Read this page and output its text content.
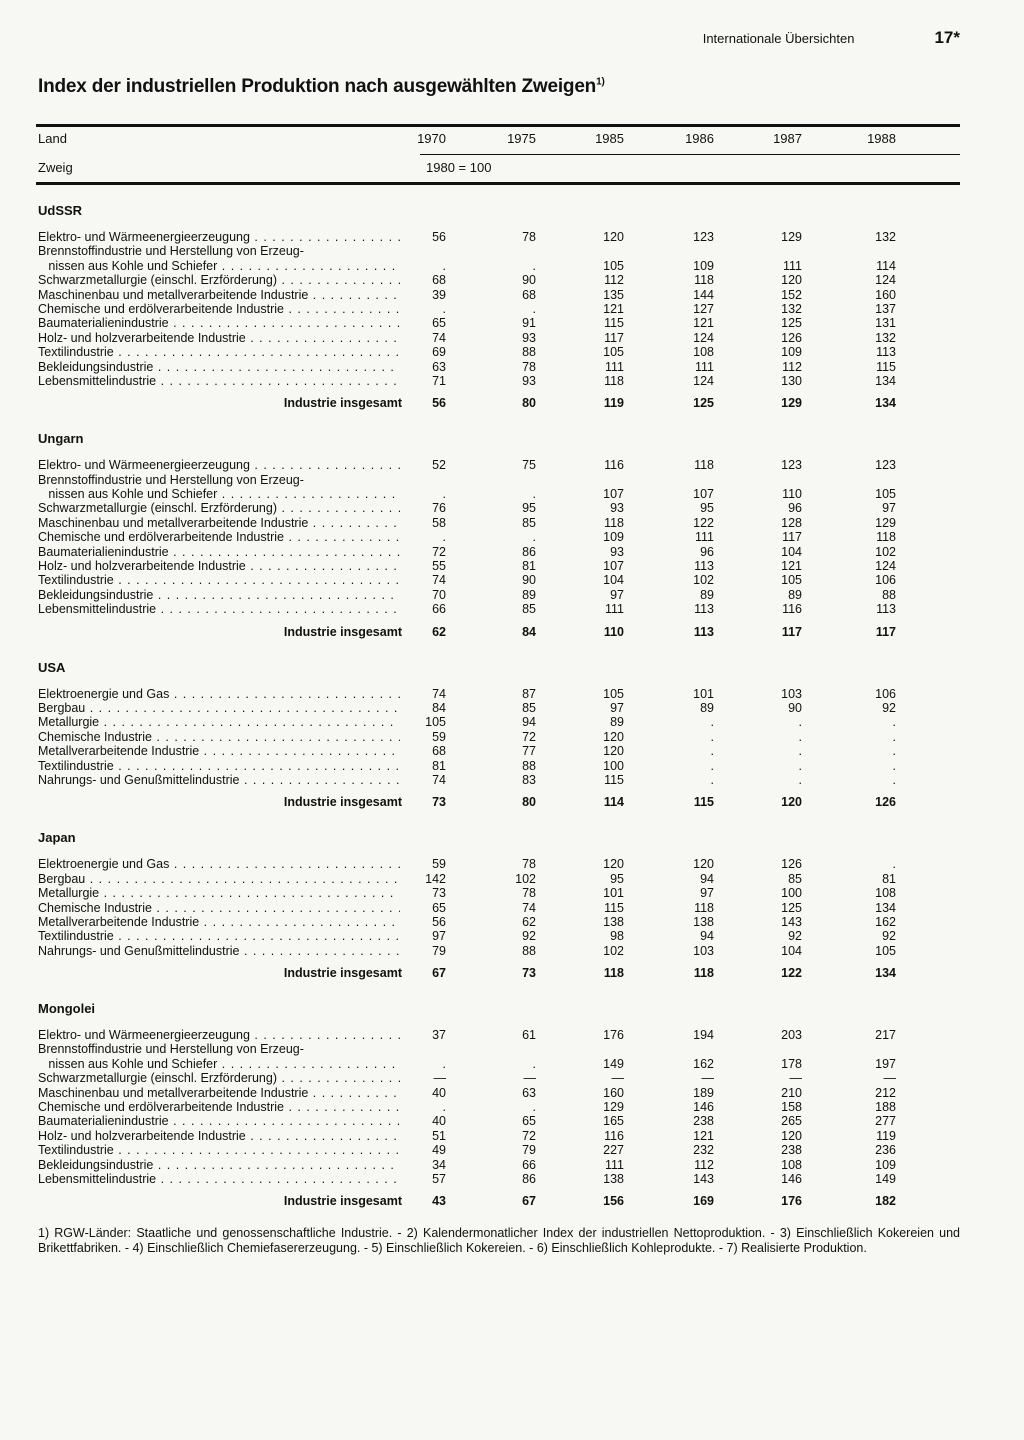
Internationale Übersichten	17*
Index der industriellen Produktion nach ausgewählten Zweigen$^{1)}$
Land	1970	1975	1985	1986	1987	1988
Zweig	1980 = 100
UdSSR
Elektro- und Wärmeenergieerzeugung . . .	56	78	120	123	129	132
Brennstoffindustrie und Herstellung von Erzeug-
nissen aus Kohle und Schiefer . . .	.	.	105	109	111	114
Schwarzmetallurgie (einschl. Erzförderung) . . .	68	90	112	118	120	124
Maschinenbau und metallverarbeitende Industrie . . .	39	68	135	144	152	160
Chemische und erdölverarbeitende Industrie . . .	.	.	121	127	132	137
Baumaterialienindustrie . . .	65	91	115	121	125	131
Holz- und holzverarbeitende Industrie . . .	74	93	117	124	126	132
Textilindustrie . . .	69	88	105	108	109	113
Bekleidungsindustrie . . .	63	78	111	111	112	115
Lebensmittelindustrie . . .	71	93	118	124	130	134
Industrie insgesamt	56	80	119	125	129	134
Ungarn
Elektro- und Wärmeenergieerzeugung . . .	52	75	116	118	123	123
Brennstoffindustrie und Herstellung von Erzeug-
nissen aus Kohle und Schiefer . . .	.	.	107	107	110	105
Schwarzmetallurgie (einschl. Erzförderung) . . .	76	95	93	95	96	97
Maschinenbau und metallverarbeitende Industrie . . .	58	85	118	122	128	129
Chemische und erdölverarbeitende Industrie . . .	.	.	109	111	117	118
Baumaterialienindustrie . . .	72	86	93	96	104	102
Holz- und holzverarbeitende Industrie . . .	55	81	107	113	121	124
Textilindustrie . . .	74	90	104	102	105	106
Bekleidungsindustrie . . .	70	89	97	89	89	88
Lebensmittelindustrie . . .	66	85	111	113	116	113
Industrie insgesamt	62	84	110	113	117	117
USA
Elektroenergie und Gas . . .	74	87	105	101	103	106
Bergbau . . .	84	85	97	89	90	92
Metallurgie . . .	105	94	89	.	.	.
Chemische Industrie . . .	59	72	120	.	.	.
Metallverarbeitende Industrie . . .	68	77	120	.	.	.
Textilindustrie . . .	81	88	100	.	.	.
Nahrungs- und Genußmittelindustrie . . .	74	83	115	.	.	.
Industrie insgesamt	73	80	114	115	120	126
Japan
Elektroenergie und Gas . . .	59	78	120	120	126	.
Bergbau . . .	142	102	95	94	85	81
Metallurgie . . .	73	78	101	97	100	108
Chemische Industrie . . .	65	74	115	118	125	134
Metallverarbeitende Industrie . . .	56	62	138	138	143	162
Textilindustrie . . .	97	92	98	94	92	92
Nahrungs- und Genußmittelindustrie . . .	79	88	102	103	104	105
Industrie insgesamt	67	73	118	118	122	134
Mongolei
Elektro- und Wärmeenergieerzeugung . . .	37	61	176	194	203	217
Brennstoffindustrie und Herstellung von Erzeug-
nissen aus Kohle und Schiefer . . .	.	.	149	162	178	197
Schwarzmetallurgie (einschl. Erzförderung) . . .	—	—	—	—	—	—
Maschinenbau und metallverarbeitende Industrie . . .	40	63	160	189	210	212
Chemische und erdölverarbeitende Industrie . . .	.	.	129	146	158	188
Baumaterialienindustrie . . .	40	65	165	238	265	277
Holz- und holzverarbeitende Industrie . . .	51	72	116	121	120	119
Textilindustrie . . .	49	79	227	232	238	236
Bekleidungsindustrie . . .	34	66	111	112	108	109
Lebensmittelindustrie . . .	57	86	138	143	146	149
Industrie insgesamt	43	67	156	169	176	182

1) RGW-Länder: Staatliche und genossenschaftliche Industrie. - 2) Kalendermonatlicher Index der industriellen Nettoproduktion. - 3) Einschließlich Kokereien und Brikettfabriken. - 4) Einschließlich Chemiefasererzeugung. - 5) Einschließlich Kokereien. - 6) Einschließlich Kohleprodukte. - 7) Realisierte Produktion.
